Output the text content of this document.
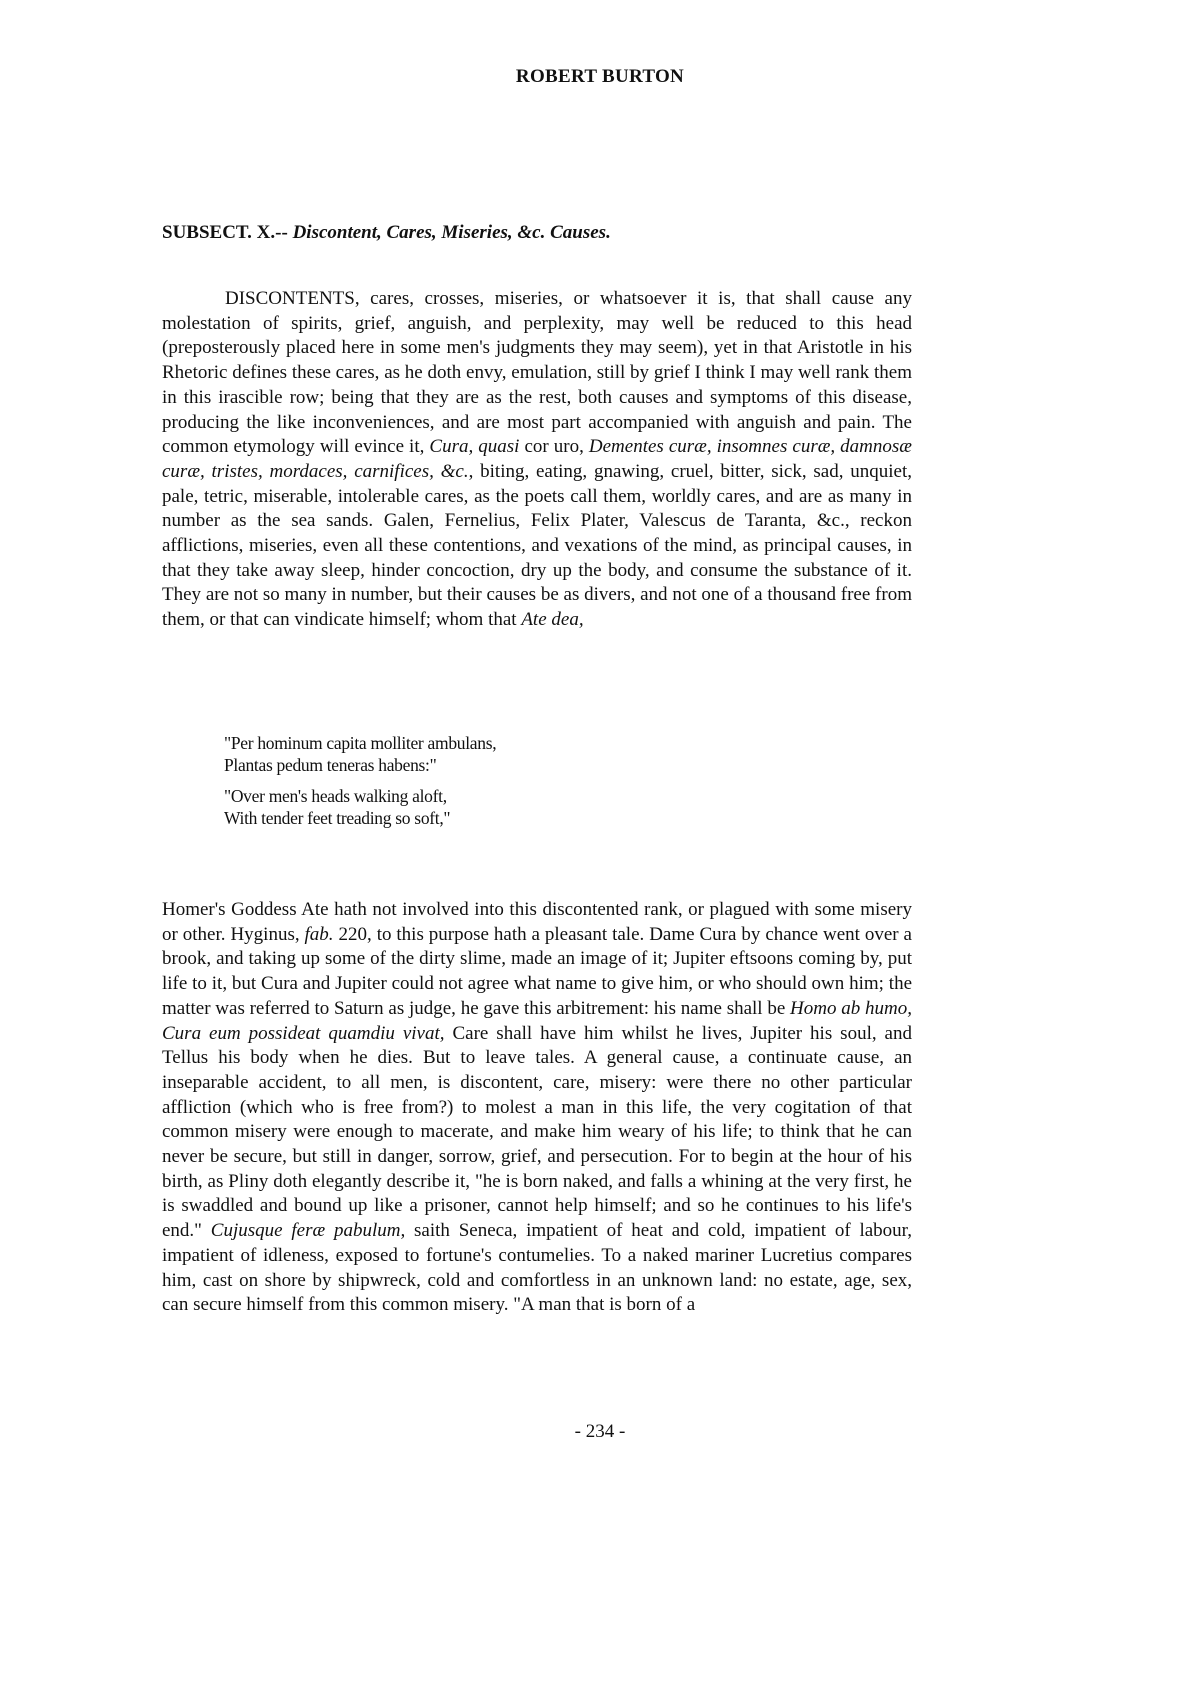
ROBERT BURTON
SUBSECT. X.-- Discontent, Cares, Miseries, &c. Causes.

DISCONTENTS, cares, crosses, miseries, or whatsoever it is, that shall cause any molestation of spirits, grief, anguish, and perplexity, may well be reduced to this head (preposterously placed here in some men's judgments they may seem), yet in that Aristotle in his Rhetoric defines these cares, as he doth envy, emulation, still by grief I think I may well rank them in this irascible row; being that they are as the rest, both causes and symptoms of this disease, producing the like inconveniences, and are most part accompanied with anguish and pain. The common etymology will evince it, Cura, quasi cor uro, Dementes curæ, insomnes curæ, damnosæ curæ, tristes, mordaces, carnifices, &c., biting, eating, gnawing, cruel, bitter, sick, sad, unquiet, pale, tetric, miserable, intolerable cares, as the poets call them, worldly cares, and are as many in number as the sea sands. Galen, Fernelius, Felix Plater, Valescus de Taranta, &c., reckon afflictions, miseries, even all these contentions, and vexations of the mind, as principal causes, in that they take away sleep, hinder concoction, dry up the body, and consume the substance of it. They are not so many in number, but their causes be as divers, and not one of a thousand free from them, or that can vindicate himself; whom that Ate dea,

"Per hominum capita molliter ambulans,
Plantas pedum teneras habens:"
"Over men's heads walking aloft,
With tender feet treading so soft,"

Homer's Goddess Ate hath not involved into this discontented rank, or plagued with some misery or other. Hyginus, fab. 220, to this purpose hath a pleasant tale. Dame Cura by chance went over a brook, and taking up some of the dirty slime, made an image of it; Jupiter eftsoons coming by, put life to it, but Cura and Jupiter could not agree what name to give him, or who should own him; the matter was referred to Saturn as judge, he gave this arbitrement: his name shall be Homo ab humo, Cura eum possideat quamdiu vivat, Care shall have him whilst he lives, Jupiter his soul, and Tellus his body when he dies. But to leave tales. A general cause, a continuate cause, an inseparable accident, to all men, is discontent, care, misery: were there no other particular affliction (which who is free from?) to molest a man in this life, the very cogitation of that common misery were enough to macerate, and make him weary of his life; to think that he can never be secure, but still in danger, sorrow, grief, and persecution. For to begin at the hour of his birth, as Pliny doth elegantly describe it, "he is born naked, and falls a whining at the very first, he is swaddled and bound up like a prisoner, cannot help himself; and so he continues to his life's end." Cujusque feræ pabulum, saith Seneca, impatient of heat and cold, impatient of labour, impatient of idleness, exposed to fortune's contumelies. To a naked mariner Lucretius compares him, cast on shore by shipwreck, cold and comfortless in an unknown land: no estate, age, sex, can secure himself from this common misery. "A man that is born of a

- 234 -
